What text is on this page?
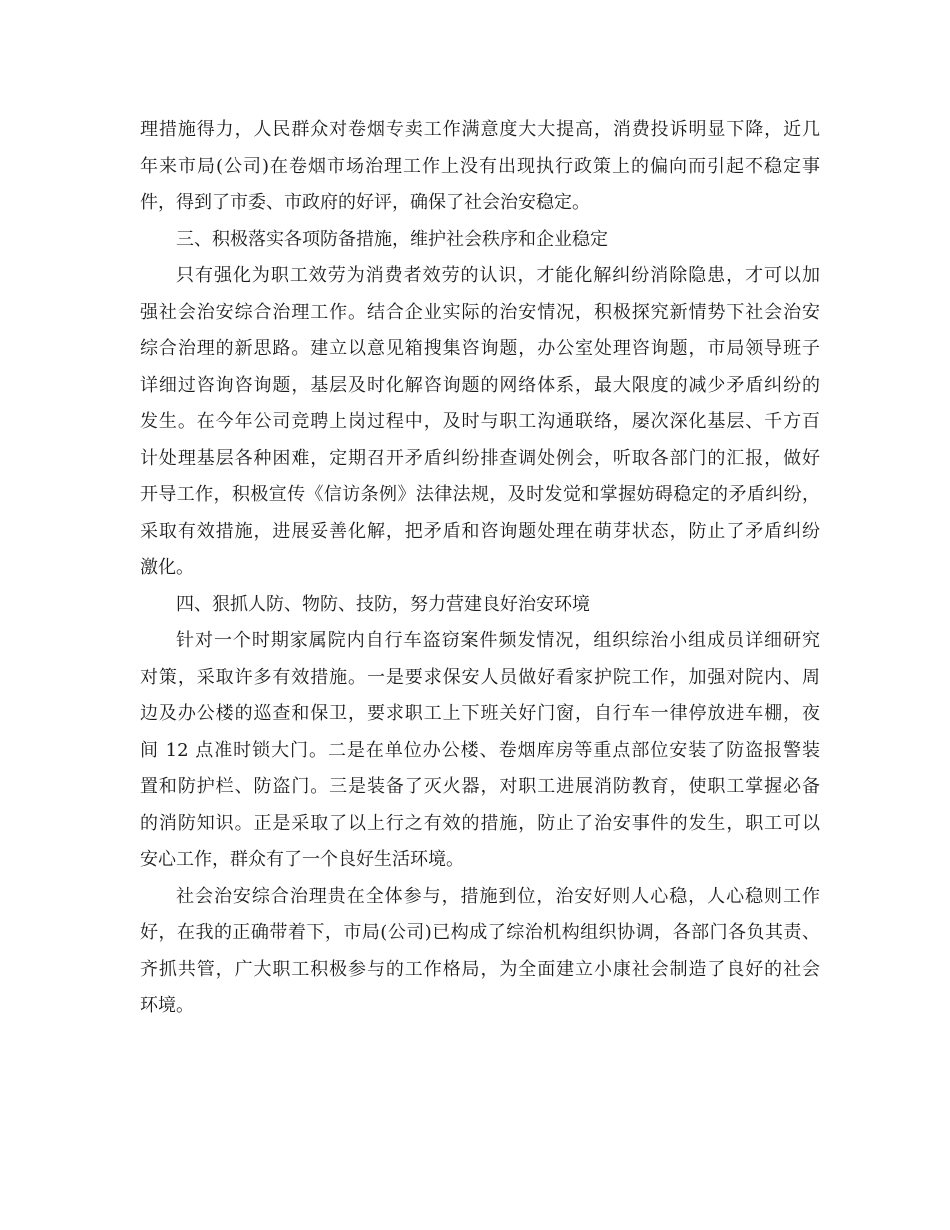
理措施得力，人民群众对卷烟专卖工作满意度大大提高，消费投诉明显下降，近几
年来市局(公司)在卷烟市场治理工作上没有出现执行政策上的偏向而引起不稳定事
件，得到了市委、市政府的好评，确保了社会治安稳定。
三、积极落实各项防备措施，维护社会秩序和企业稳定
只有强化为职工效劳为消费者效劳的认识，才能化解纠纷消除隐患，才可以加
强社会治安综合治理工作。结合企业实际的治安情况，积极探究新情势下社会治安
综合治理的新思路。建立以意见箱搜集咨询题，办公室处理咨询题，市局领导班子
详细过咨询咨询题，基层及时化解咨询题的网络体系，最大限度的减少矛盾纠纷的
发生。在今年公司竞聘上岗过程中，及时与职工沟通联络，屡次深化基层、千方百
计处理基层各种困难，定期召开矛盾纠纷排查调处例会，听取各部门的汇报，做好
开导工作，积极宣传《信访条例》法律法规，及时发觉和掌握妨碍稳定的矛盾纠纷，
采取有效措施，进展妥善化解，把矛盾和咨询题处理在萌芽状态，防止了矛盾纠纷
激化。
四、狠抓人防、物防、技防，努力营建良好治安环境
针对一个时期家属院内自行车盗窃案件频发情况，组织综治小组成员详细研究
对策，采取许多有效措施。一是要求保安人员做好看家护院工作，加强对院内、周
边及办公楼的巡查和保卫，要求职工上下班关好门窗，自行车一律停放进车棚，夜
间 12 点准时锁大门。二是在单位办公楼、卷烟库房等重点部位安装了防盗报警装
置和防护栏、防盗门。三是装备了灭火器，对职工进展消防教育，使职工掌握必备
的消防知识。正是采取了以上行之有效的措施，防止了治安事件的发生，职工可以
安心工作，群众有了一个良好生活环境。
社会治安综合治理贵在全体参与，措施到位，治安好则人心稳，人心稳则工作
好，在我的正确带着下，市局(公司)已构成了综治机构组织协调，各部门各负其责、
齐抓共管，广大职工积极参与的工作格局，为全面建立小康社会制造了良好的社会
环境。
